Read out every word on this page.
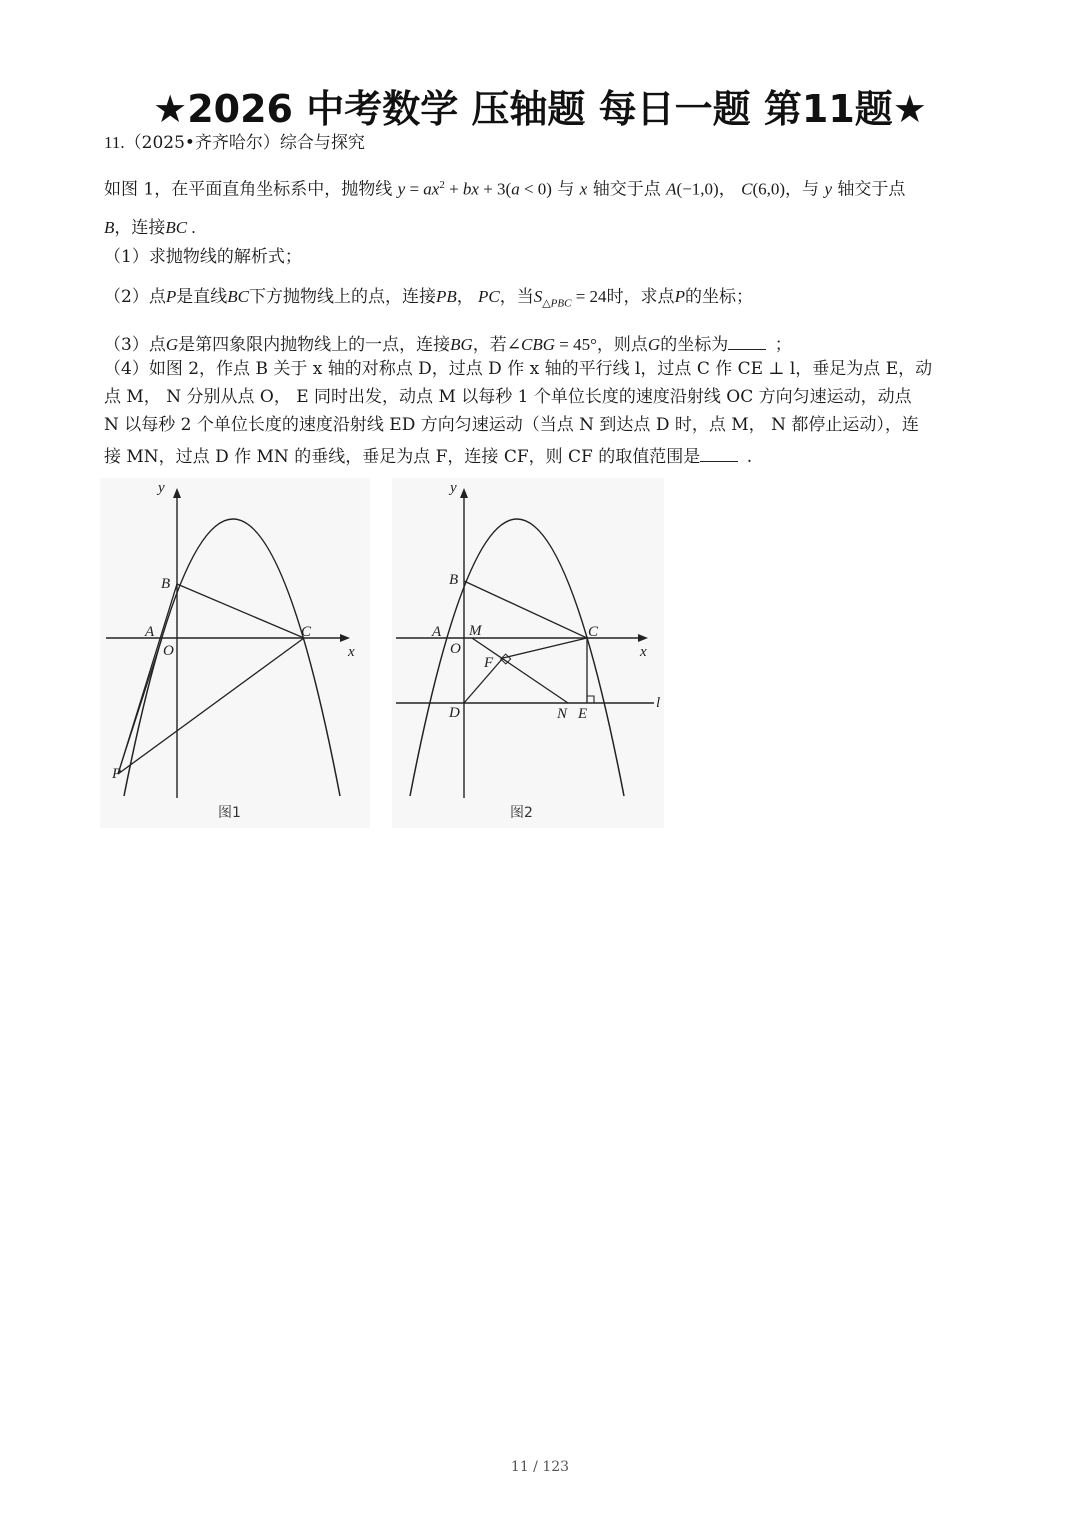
★2026 中考数学 压轴题 每日一题 第11题★
11.（2025•齐齐哈尔）综合与探究
如图 1，在平面直角坐标系中，抛物线 $y = ax^2$ + bx + 3(a < 0) 与 x 轴交于点 A(−1,0)， C(6,0)，与 y 轴交于点
B，连接BC .
（1）求抛物线的解析式；
（2）点P是直线BC下方抛物线上的点，连接PB， PC，当$S_{\triangle PBC} = 24$时，求点P的坐标；
（3）点G是第四象限内抛物线上的一点，连接BG，若∠CBG = 45°，则点G的坐标为  ；
（4）如图 2，作点 B 关于 x 轴的对称点 D，过点 D 作 x 轴的平行线 l，过点 C 作 CE ⊥ l，垂足为点 E，动
点 M， N 分别从点 O， E 同时出发，动点 M 以每秒 1 个单位长度的速度沿射线 OC 方向匀速运动，动点
N 以每秒 2 个单位长度的速度沿射线 ED 方向匀速运动（当点 N 到达点 D 时，点 M， N 都停止运动），连
接 MN，过点 D 作 MN 的垂线，垂足为点 F，连接 CF，则 CF 的取值范围是	.
y
x
B
A
O
C
P
图1
y
x
B
A M
O
C
F
D	N E
l
图2
11 / 123
